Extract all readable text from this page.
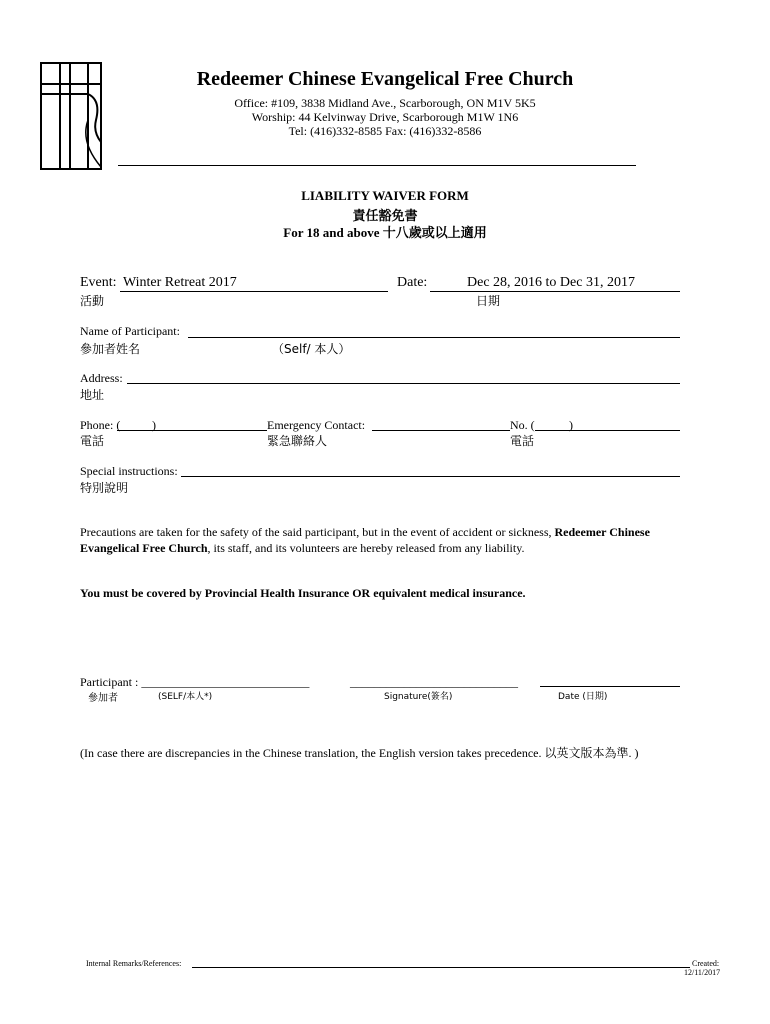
Redeemer Chinese Evangelical Free Church
Office: #109, 3838 Midland Ave., Scarborough, ON M1V 5K5
Worship: 44 Kelvinway Drive, Scarborough M1W 1N6
Tel: (416)332-8585 Fax: (416)332-8586
LIABILITY WAIVER FORM
責任豁免書
For 18 and above 十八歲或以上適用
Event: Winter Retreat 2017
活動
Date:	Dec 28, 2016 to Dec 31, 2017
日期
Name of Participant:
參加者姓名	（Self/ 本人）
Address:
地址
Phone: (	)
電話
Emergency Contact:
緊急聯絡人
No. (	)
電話
Special instructions:
特別說明
Precautions are taken for the safety of the said participant, but in the event of accident or sickness, Redeemer Chinese Evangelical Free Church, its staff, and its volunteers are hereby released from any liability.
You must be covered by Provincial Health Insurance OR equivalent medical insurance.
Participant : ____________________________
參加者	(SELF/本人*)
____________________________
Signature(簽名)	Date (日期)
(In case there are discrepancies in the Chinese translation, the English version takes precedence. 以英文版本為準. )
Internal Remarks/References:	Created:
12/11/2017
